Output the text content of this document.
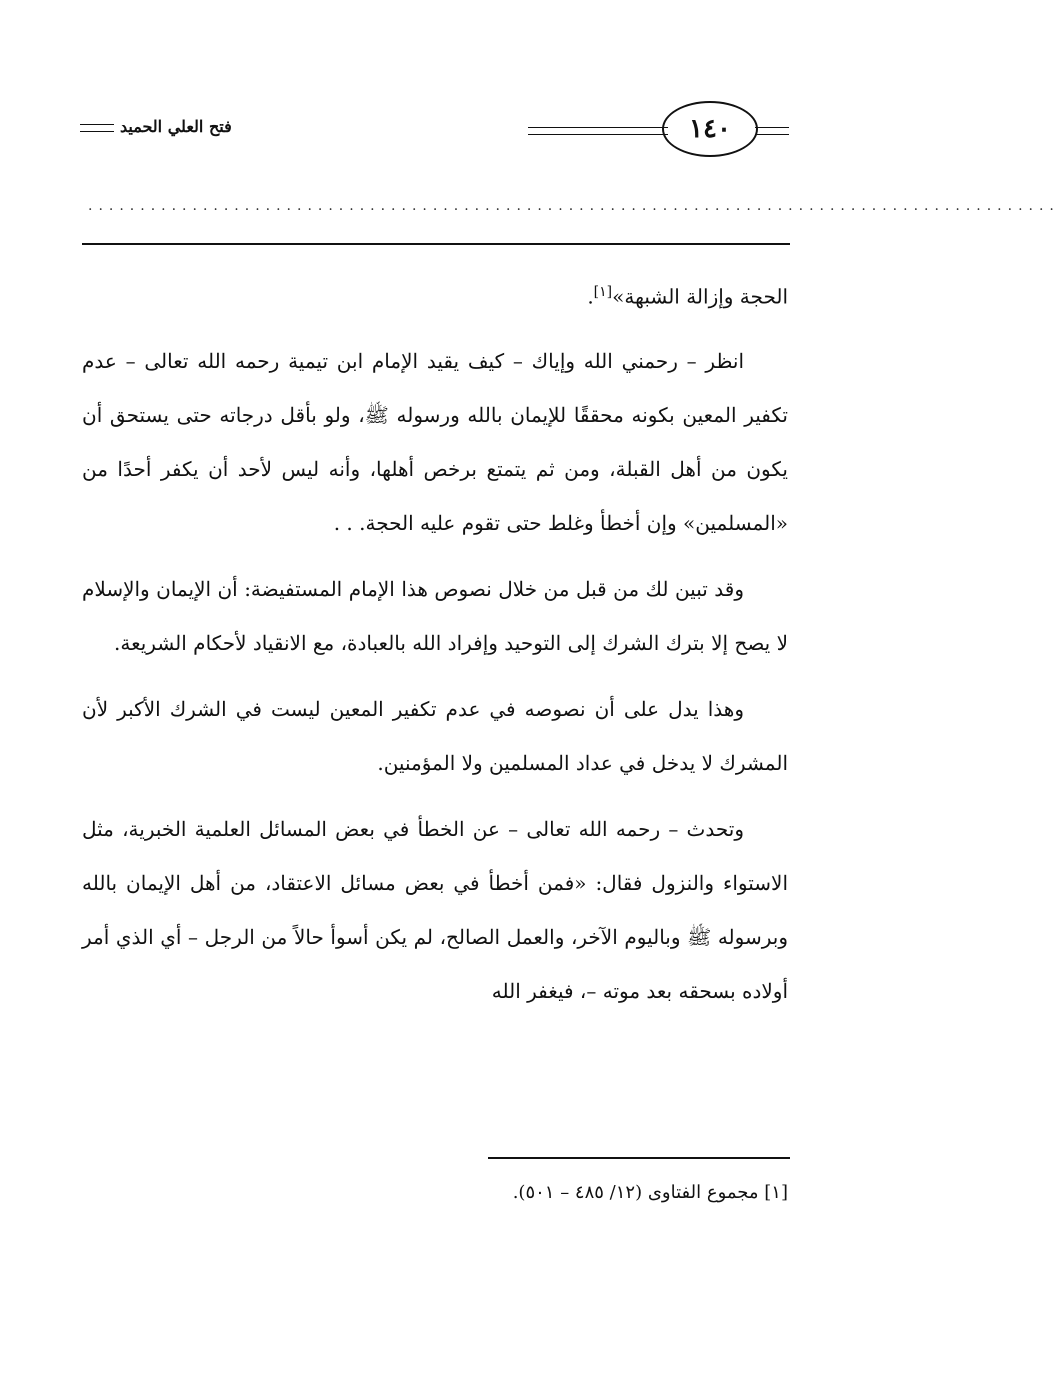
فتح العلي الحميد	١٤٠
.............................................................................................

الحجة وإزالة الشبهة»[١].

انظر – رحمني الله وإياك – كيف يقيد الإمام ابن تيمية رحمه الله تعالى – عدم تكفير المعين بكونه محققًا للإيمان بالله ورسوله ﷺ، ولو بأقل درجاته حتى يستحق أن يكون من أهل القبلة، ومن ثم يتمتع برخص أهلها، وأنه ليس لأحد أن يكفر أحدًا من «المسلمين» وإن أخطأ وغلط حتى تقوم عليه الحجة. . .

وقد تبين لك من قبل من خلال نصوص هذا الإمام المستفيضة: أن الإيمان والإسلام لا يصح إلا بترك الشرك إلى التوحيد وإفراد الله بالعبادة، مع الانقياد لأحكام الشريعة.

وهذا يدل على أن نصوصه في عدم تكفير المعين ليست في الشرك الأكبر لأن المشرك لا يدخل في عداد المسلمين ولا المؤمنين.

وتحدث – رحمه الله تعالى – عن الخطأ في بعض المسائل العلمية الخبرية، مثل الاستواء والنزول فقال: «فمن أخطأ في بعض مسائل الاعتقاد، من أهل الإيمان بالله وبرسوله ﷺ وباليوم الآخر، والعمل الصالح، لم يكن أسوأ حالاً من الرجل – أي الذي أمر أولاده بسحقه بعد موته –، فيغفر الله

[١] مجموع الفتاوى (١٢/ ٤٨٥ – ٥٠١).
